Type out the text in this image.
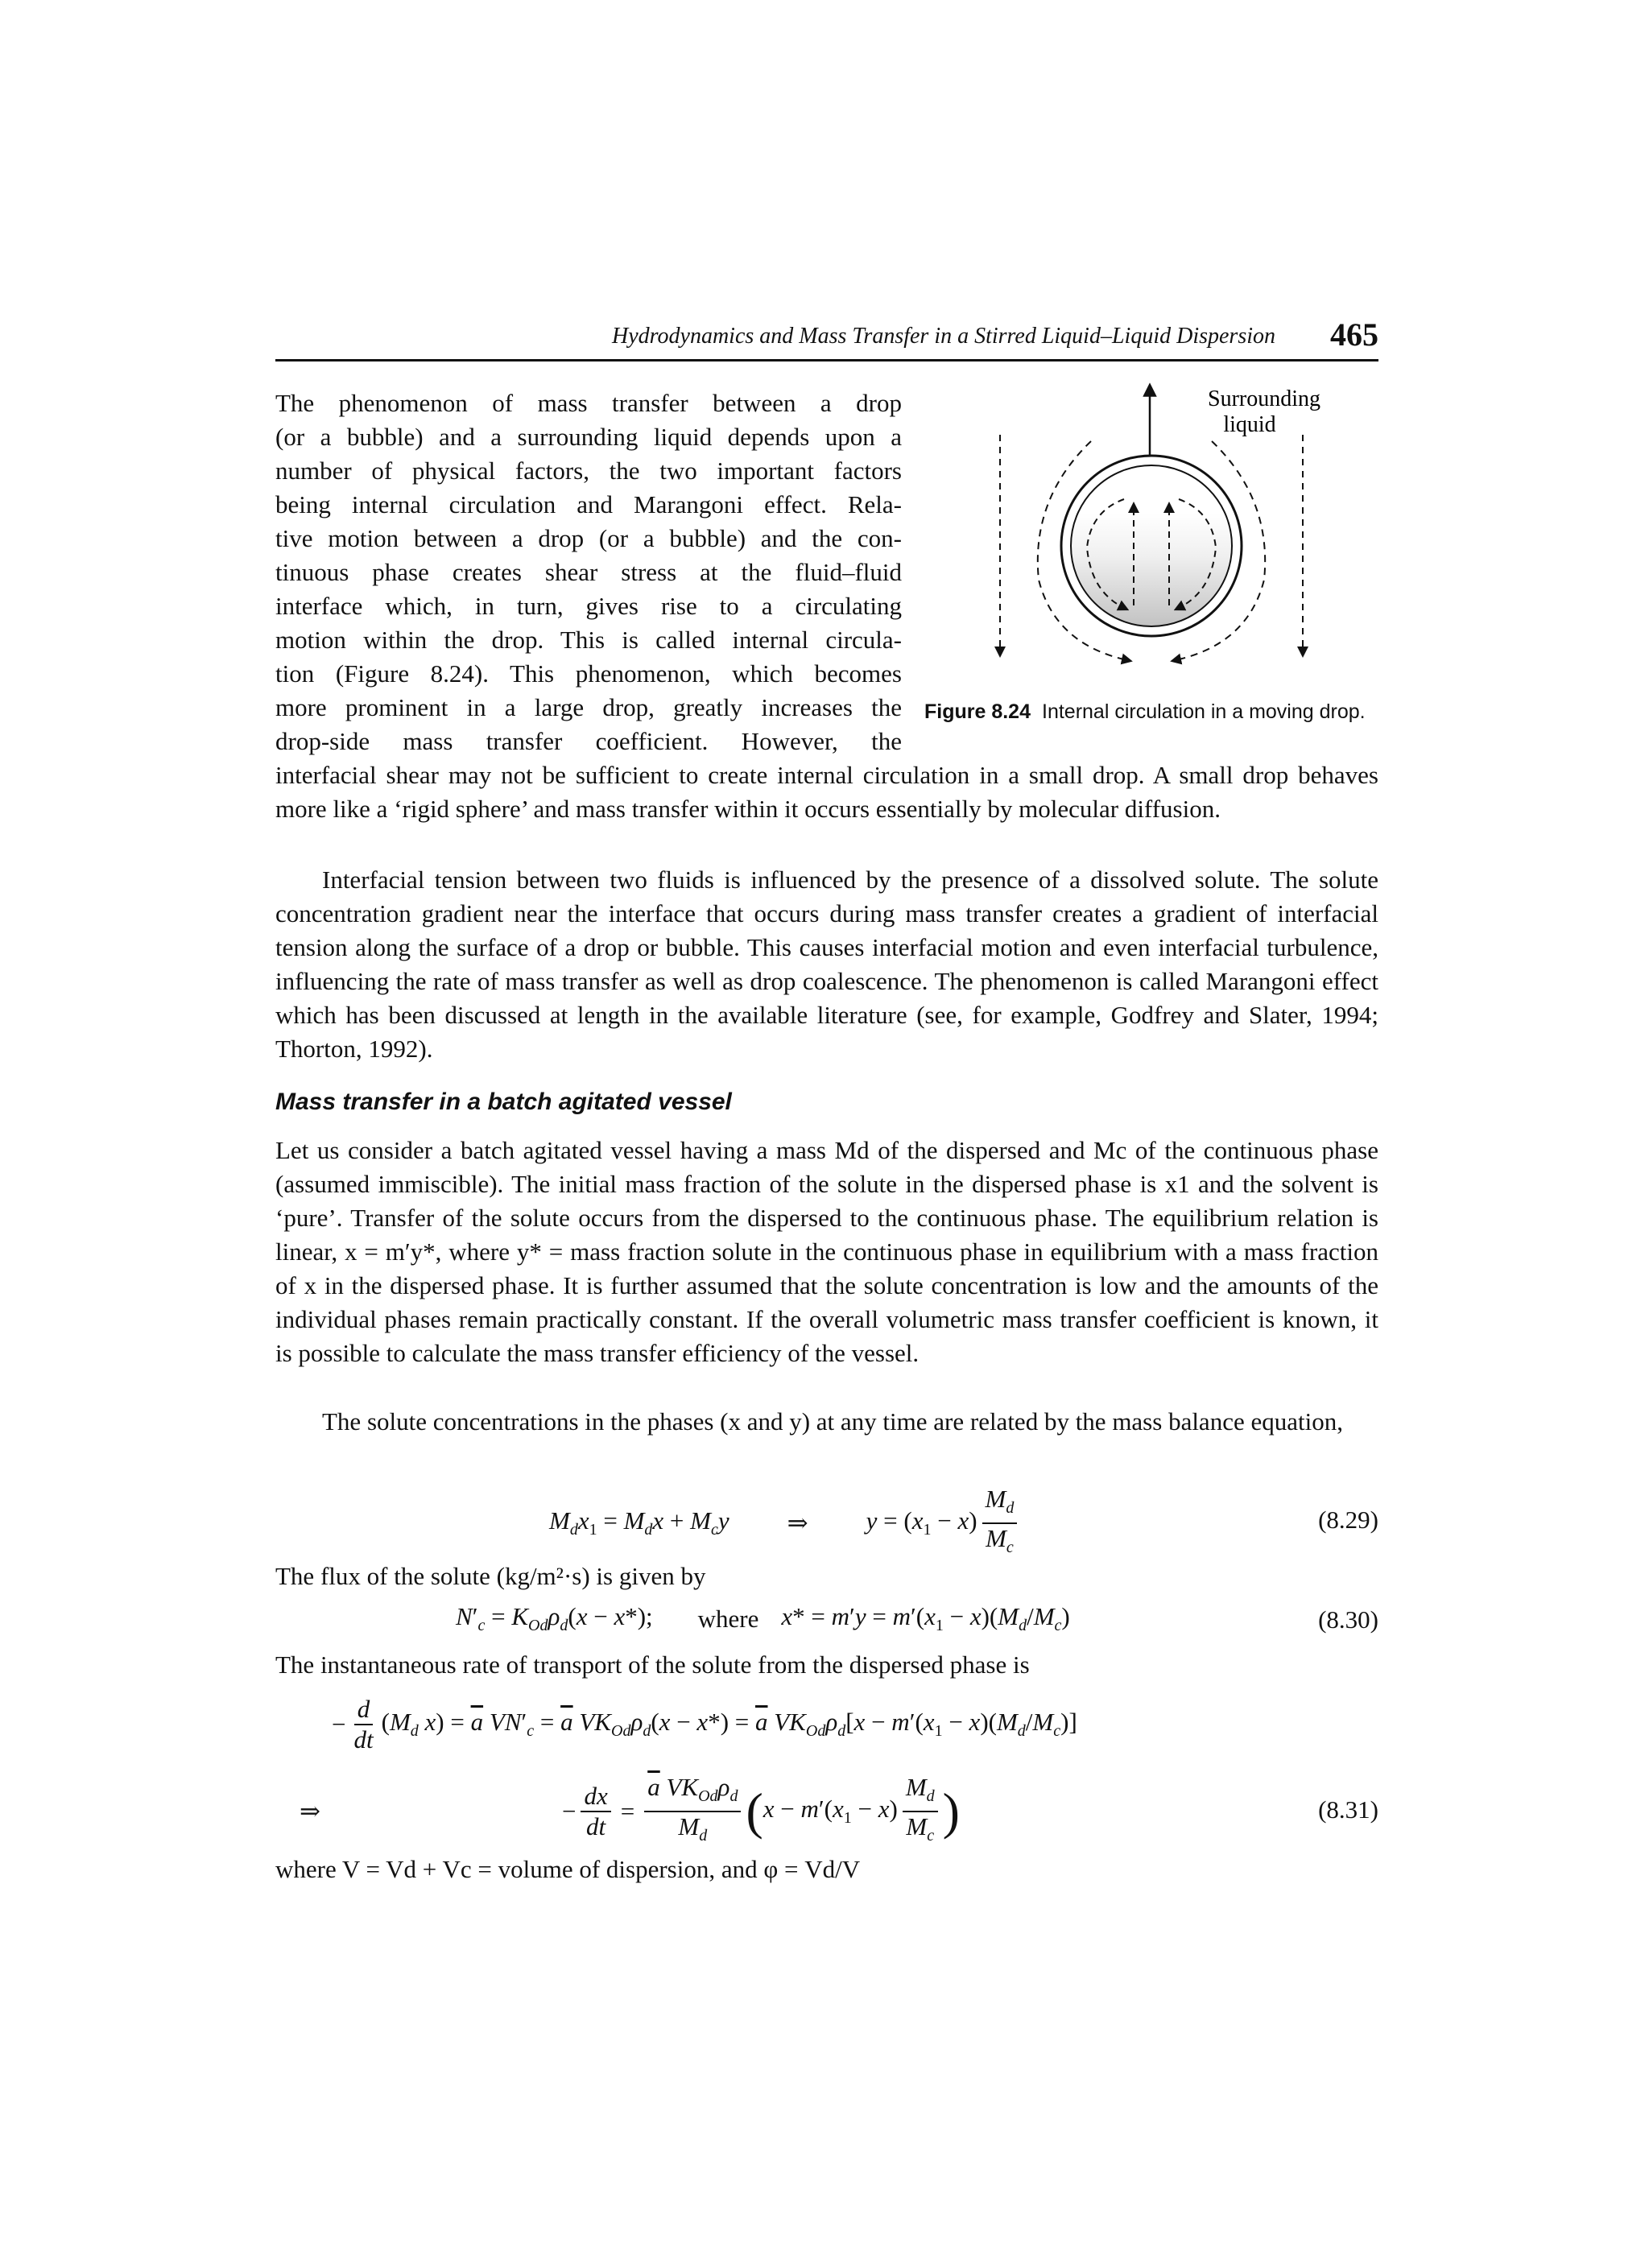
Hydrodynamics and Mass Transfer in a Stirred Liquid–Liquid Dispersion 465
The phenomenon of mass transfer between a drop
(or a bubble) and a surrounding liquid depends upon a
number of physical factors, the two important factors
being internal circulation and Marangoni effect. Rela-
tive motion between a drop (or a bubble) and the con-
tinuous phase creates shear stress at the fluid–fluid
interface which, in turn, gives rise to a circulating
motion within the drop. This is called internal circula-
tion (Figure 8.24). This phenomenon, which becomes
more prominent in a large drop, greatly increases the
drop-side mass transfer coefficient. However, the

interfacial shear may not be sufficient to create internal circulation in a small drop. A small drop behaves more like a ‘rigid sphere’ and mass transfer within it occurs essentially by molecular diffusion.

Interfacial tension between two fluids is influenced by the presence of a dissolved solute. The solute concentration gradient near the interface that occurs during mass transfer creates a gradient of interfacial tension along the surface of a drop or bubble. This causes interfacial motion and even interfacial turbulence, influencing the rate of mass transfer as well as drop coalescence. The phenomenon is called Marangoni effect which has been discussed at length in the available literature (see, for example, Godfrey and Slater, 1994; Thorton, 1992).

Surrounding
liquid
Figure 8.24 Internal circulation in a moving drop.
Mass transfer in a batch agitated vessel

Let us consider a batch agitated vessel having a mass Md of the dispersed and Mc of the continuous phase (assumed immiscible). The initial mass fraction of the solute in the dispersed phase is x1 and the solvent is ‘pure’. Transfer of the solute occurs from the dispersed to the continuous phase. The equilibrium relation is linear, x = m′y*, where y* = mass fraction solute in the continuous phase in equilibrium with a mass fraction of x in the dispersed phase. It is further assumed that the solute concentration is low and the amounts of the individual phases remain practically constant. If the overall volumetric mass transfer coefficient is known, it is possible to calculate the mass transfer efficiency of the vessel.

The solute concentrations in the phases (x and y) at any time are related by the mass balance equation,

$M_dx_1 = M_dx + M_cy$ ⇒ $y = (x_1 - x) \frac{M_d}{M_c}$	(8.29)
The flux of the solute (kg/m²·s) is given by
$N'_c = K_{Od}\rho_d(x - x*)$; where $x* = m'y = m'(x_1 - x)(M_d/M_c)$	(8.30)
The instantaneous rate of transport of the solute from the dispersed phase is
− $\frac{d}{dt} (M_d$ $x) = \overline{a}$ $VN'_c = \overline{a}$ $VK_{Od}\rho_d(x - x*) = \overline{a}$ $VK_{Od}\rho_d[x - m'(x_1 - x)(M_d/M_c)]$
⇒	− $\frac{dx}{dt} = \frac{\overline{a} VK_{Od}\rho_d}{M_d}$ ( $x - m'(x_1 - x) \frac{M_d}{M_c}$ )	(8.31)
where V = Vd + Vc = volume of dispersion, and φ = Vd/V
